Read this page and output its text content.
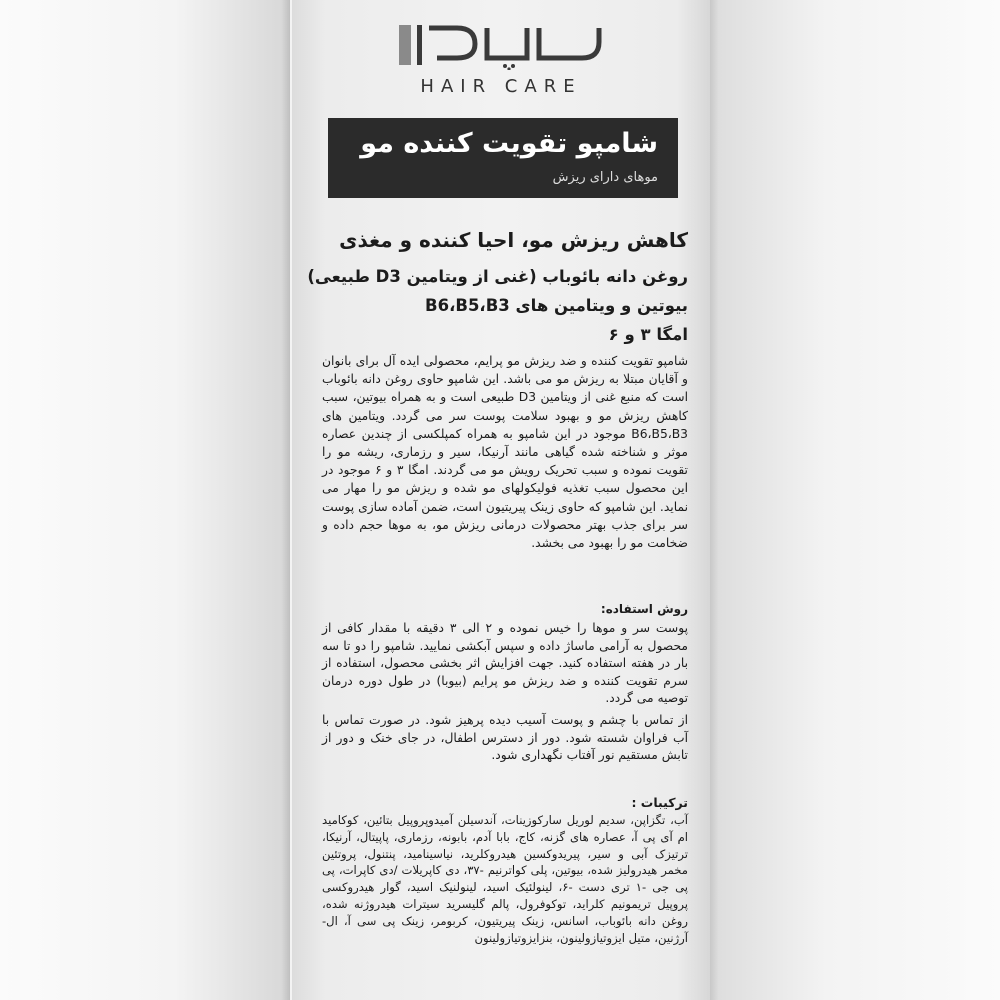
HAIR CARE
شامپو تقویت کننده مو
موهای دارای ریزش
کاهش ریزش مو، احیا کننده و مغذی
روغن دانه بائوباب (غنی از ویتامین D3 طبیعی)
بیوتین و ویتامین های B6،B5،B3
امگا ۳ و ۶
شامپو تقویت کننده و ضد ریزش مو پرایم، محصولی ایده آل برای بانوان و آقایان مبتلا به ریزش مو می باشد. این شامپو حاوی روغن دانه بائوباب است که منبع غنی از ویتامین D3 طبیعی است و به همراه بیوتین، سبب کاهش ریزش مو و بهبود سلامت پوست سر می گردد. ویتامین های B6،B5،B3 موجود در این شامپو به همراه کمپلکسی از چندین عصاره موثر و شناخته شده گیاهی مانند آرنیکا، سیر و رزماری، ریشه مو را تقویت نموده و سبب تحریک رویش مو می گردند. امگا ۳ و ۶ موجود در این محصول سبب تغذیه فولیکولهای مو شده و ریزش مو را مهار می نماید. این شامپو که حاوی زینک پیریتیون است، ضمن آماده سازی پوست سر برای جذب بهتر محصولات درمانی ریزش مو، به موها حجم داده و ضخامت مو را بهبود می بخشد.
روش استفاده:
پوست سر و موها را خیس نموده و ۲ الی ۳ دقیقه با مقدار کافی از محصول به آرامی ماساژ داده و سپس آبکشی نمایید. شامپو را دو تا سه بار در هفته استفاده کنید. جهت افزایش اثر بخشی محصول، استفاده از سرم تقویت کننده و ضد ریزش مو پرایم (بیوبا) در طول دوره درمان توصیه می گردد.
از تماس با چشم و پوست آسیب دیده پرهیز شود. در صورت تماس با آب فراوان شسته شود. دور از دسترس اطفال، در جای خنک و دور از تابش مستقیم نور آفتاب نگهداری شود.
ترکیبات :
آب، تگزاپن، سدیم لوریل سارکوزینات، آندسیلن آمیدوپروپیل بتائین، کوکامید ام آی پی آ، عصاره های گزنه، کاج، بابا آدم، بابونه، رزماری، پاپیتال، آرنیکا، ترتیزک آبی و سیر، پیریدوکسین هیدروکلرید، نیاسینامید، پنتنول، پروتئین مخمر هیدرولیز شده، بیوتین، پلی کواترنیم -۳۷، دی کاپریلات /دی کاپرات، پی پی جی -۱ تری دست -۶، لینولئیک اسید، لینولنیک اسید، گوار هیدروکسی پروپیل تریمونیم کلراید، توکوفرول، پالم گلیسرید سیترات هیدروژنه شده، روغن دانه بائوباب، اسانس، زینک پیریتیون، کربومر، زینک پی سی آ، ال-آرژنین، متیل ایزوتیازولینون، بنزایزوتیازولینون
